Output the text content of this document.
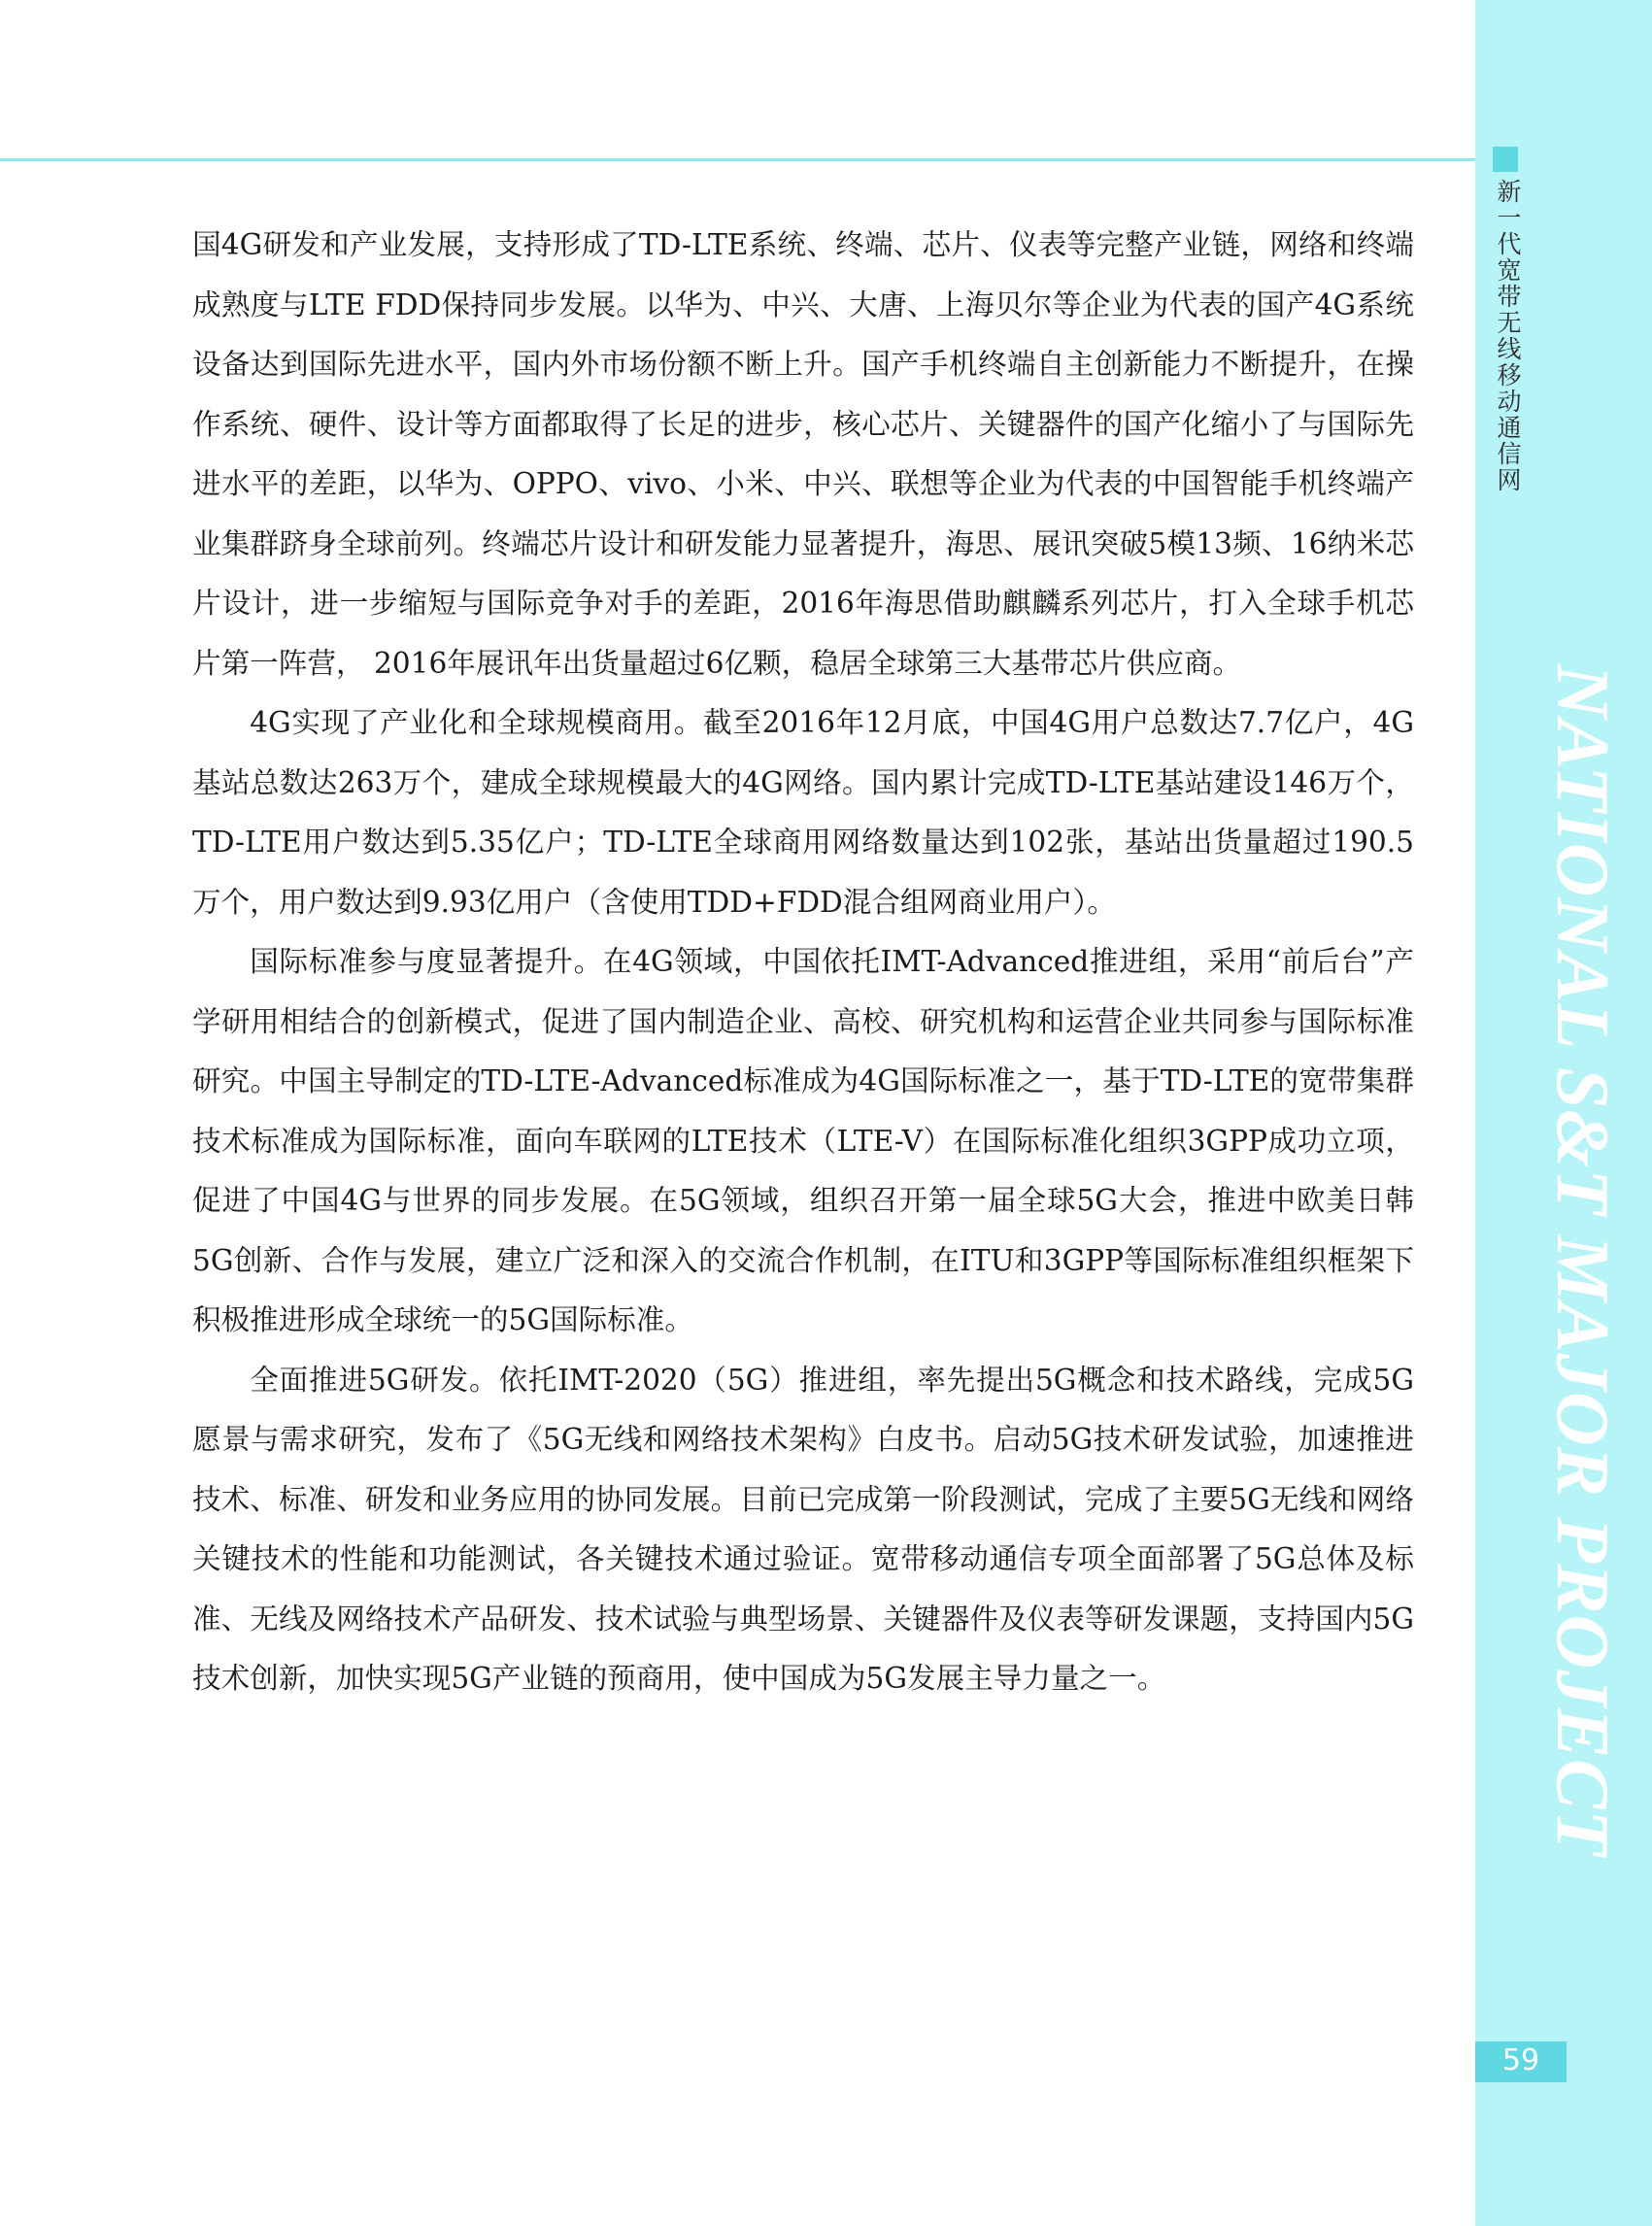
新一代宽带无线移动通信网
NATIONAL S&T MAJOR PROJECT
59

国4G研发和产业发展，支持形成了TD-LTE系统、终端、芯片、仪表等完整产业链，网络和终端成熟度与LTE FDD保持同步发展。以华为、中兴、大唐、上海贝尔等企业为代表的国产4G系统设备达到国际先进水平，国内外市场份额不断上升。国产手机终端自主创新能力不断提升，在操作系统、硬件、设计等方面都取得了长足的进步，核心芯片、关键器件的国产化缩小了与国际先进水平的差距，以华为、OPPO、vivo、小米、中兴、联想等企业为代表的中国智能手机终端产业集群跻身全球前列。终端芯片设计和研发能力显著提升，海思、展讯突破5模13频、16纳米芯片设计，进一步缩短与国际竞争对手的差距，2016年海思借助麒麟系列芯片，打入全球手机芯片第一阵营， 2016年展讯年出货量超过6亿颗，稳居全球第三大基带芯片供应商。

4G实现了产业化和全球规模商用。截至2016年12月底，中国4G用户总数达7.7亿户，4G基站总数达263万个，建成全球规模最大的4G网络。国内累计完成TD-LTE基站建设146万个，TD-LTE用户数达到5.35亿户；TD-LTE全球商用网络数量达到102张，基站出货量超过190.5万个，用户数达到9.93亿用户（含使用TDD+FDD混合组网商业用户）。

国际标准参与度显著提升。在4G领域，中国依托IMT-Advanced推进组，采用“前后台”产学研用相结合的创新模式，促进了国内制造企业、高校、研究机构和运营企业共同参与国际标准研究。中国主导制定的TD-LTE-Advanced标准成为4G国际标准之一，基于TD-LTE的宽带集群技术标准成为国际标准，面向车联网的LTE技术（LTE-V）在国际标准化组织3GPP成功立项，促进了中国4G与世界的同步发展。在5G领域，组织召开第一届全球5G大会，推进中欧美日韩5G创新、合作与发展，建立广泛和深入的交流合作机制，在ITU和3GPP等国际标准组织框架下积极推进形成全球统一的5G国际标准。

全面推进5G研发。依托IMT-2020（5G）推进组，率先提出5G概念和技术路线，完成5G愿景与需求研究，发布了《5G无线和网络技术架构》白皮书。启动5G技术研发试验，加速推进技术、标准、研发和业务应用的协同发展。目前已完成第一阶段测试，完成了主要5G无线和网络关键技术的性能和功能测试，各关键技术通过验证。宽带移动通信专项全面部署了5G总体及标准、无线及网络技术产品研发、技术试验与典型场景、关键器件及仪表等研发课题，支持国内5G技术创新，加快实现5G产业链的预商用，使中国成为5G发展主导力量之一。
